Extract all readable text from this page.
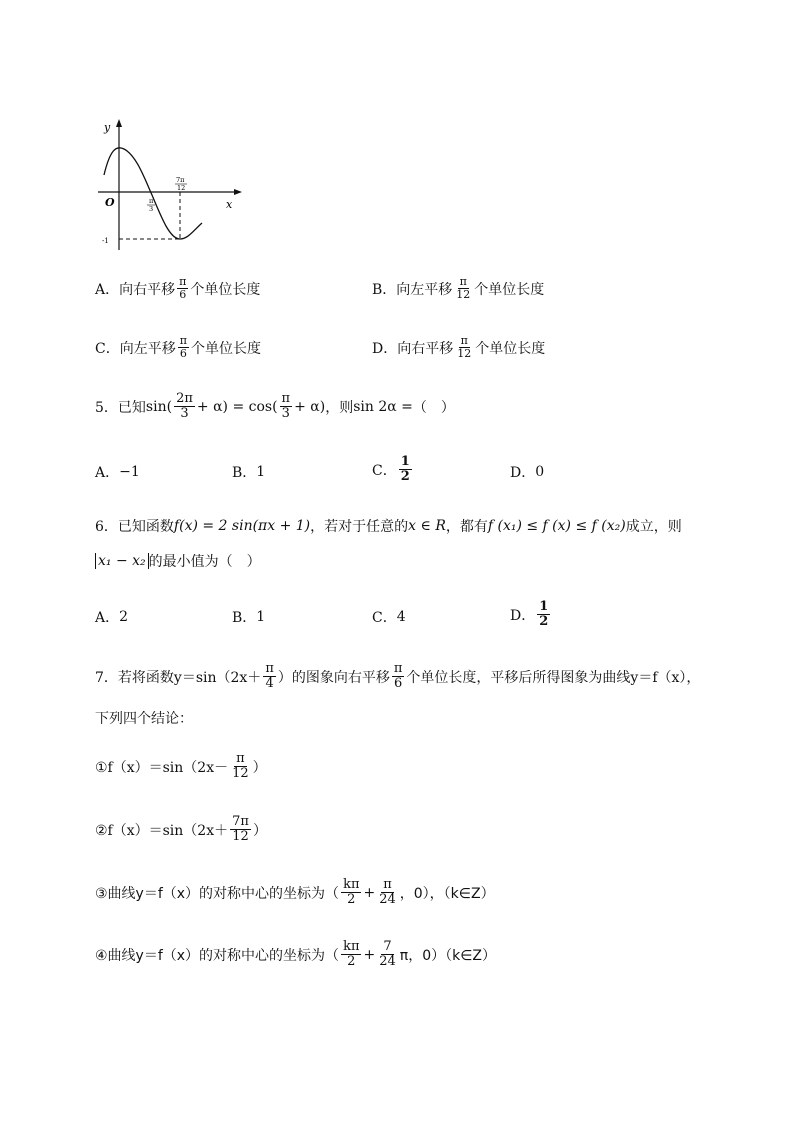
y
x
O
-1
π
3
7π
12
A． 向右平移 $\frac{\pi}{6}$ 个单位长度	B． 向左平移 $\frac{\pi}{12}$ 个单位长度
C． 向左平移 $\frac{\pi}{6}$ 个单位长度	D． 向右平移 $\frac{\pi}{12}$ 个单位长度
5． 已知 $\sin( \frac{2\pi}{3} + \alpha) = \cos( \frac{\pi}{3} + \alpha)$ ，则 sin 2α = （　）
A． −1	B． 1	C． $\frac{1}{2}$	D． 0
6． 已知函数 f(x) = 2 sin(πx + 1) ，若对于任意的 x ∈ R ，都有 f (x₁) ≤ f (x) ≤ f (x₂) 成立，则
x₁ − x₂ 的最小值为（　）
A． 2	B． 1	C． 4	D． $\frac{1}{2}$
7． 若将函数 $y=\sin(2x+ \frac{\pi}{4}$ ）的图象向右平移 $\frac{\pi}{6}$ 个单位长度，平移后所得图象为曲线 y＝f（x），
下列四个结论：
①f（x）＝sin（2x－ $\frac{\pi}{12}$ ）
②f（x）＝sin（2x＋ $\frac{7\pi}{12}$ ）
③曲线y＝f（x）的对称中心的坐标为（ $\frac{k\pi}{2} + \frac{\pi}{24}$ ，0），（k∈Z）
④曲线y＝f（x）的对称中心的坐标为（ $\frac{k\pi}{2} + \frac{7}{24}$ π，0）（k∈Z）
